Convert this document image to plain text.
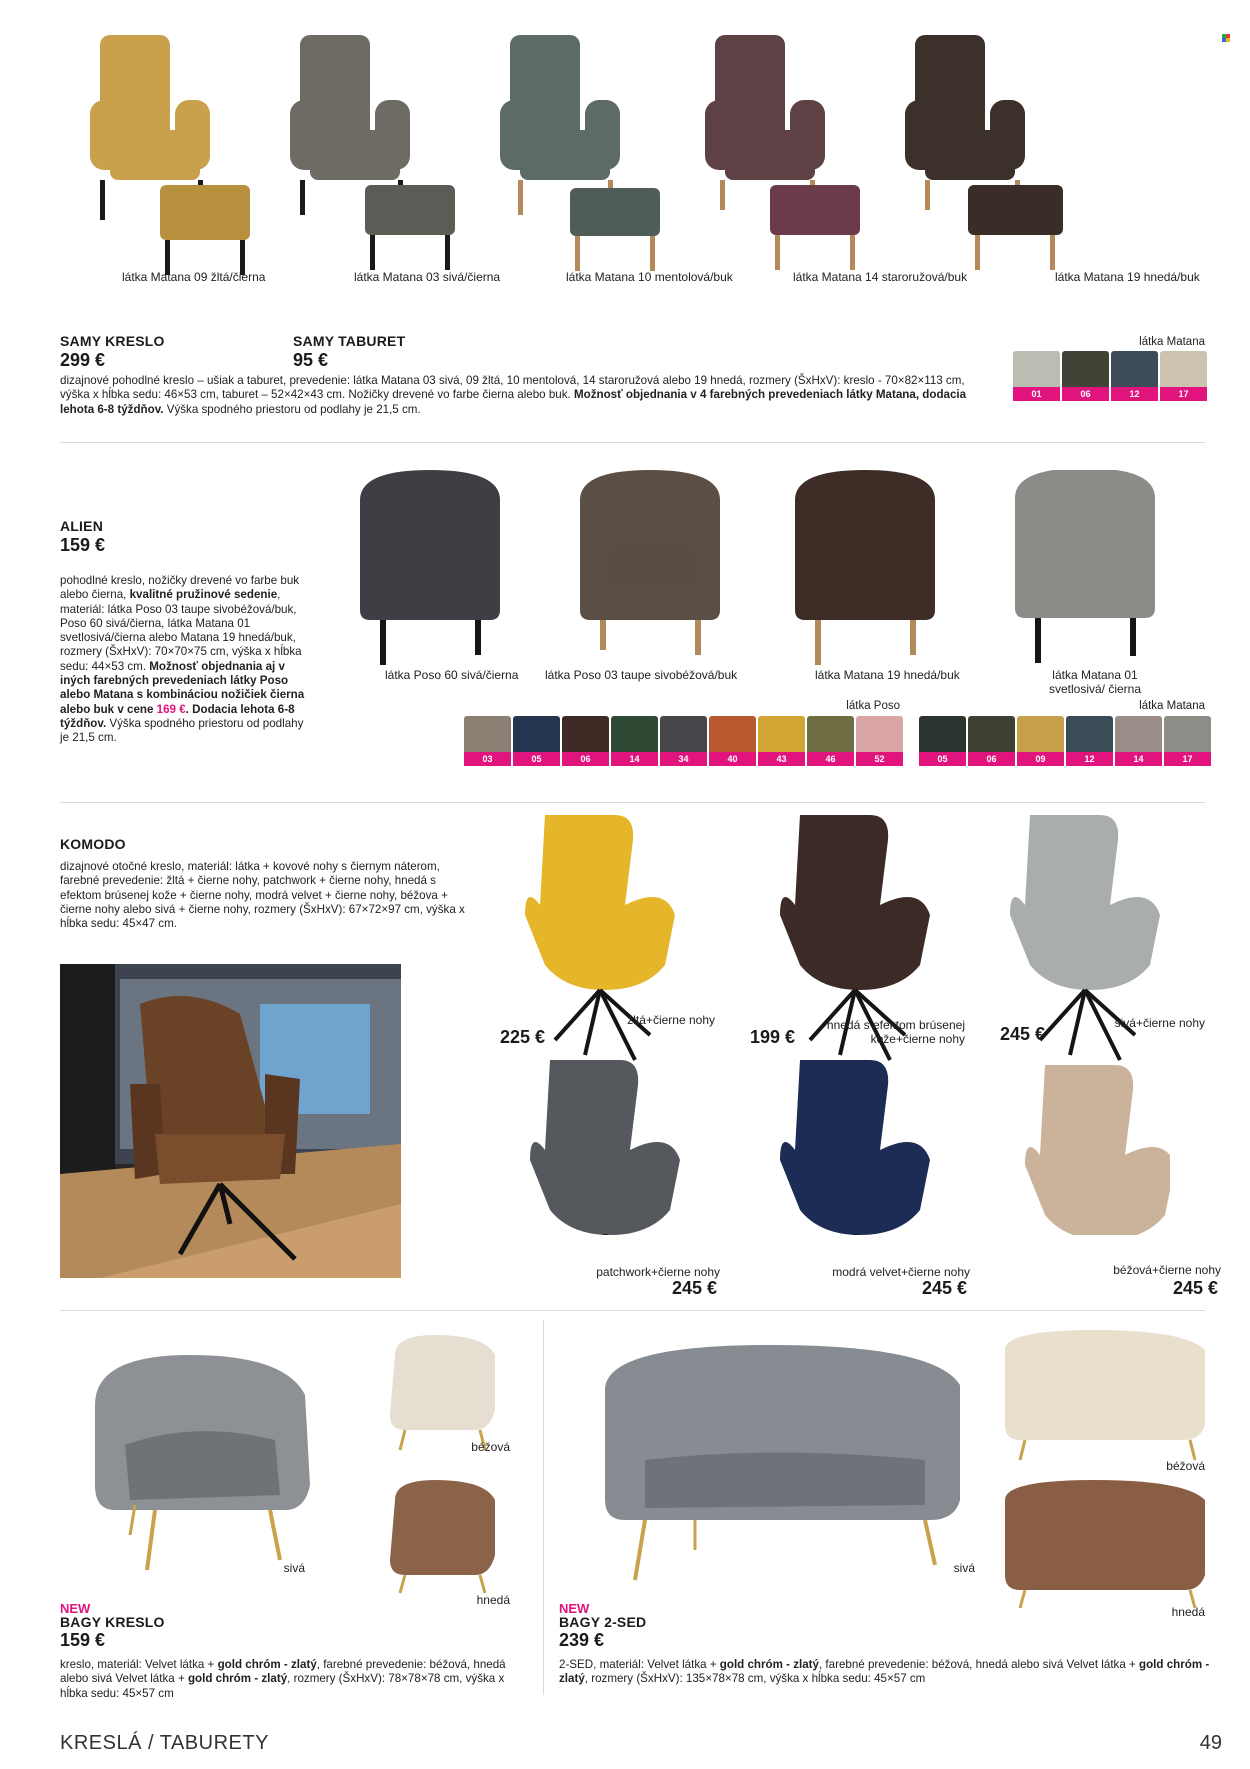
látka Matana 09 žltá/čierna	látka Matana 03 sivá/čierna	látka Matana 10 mentolová/buk	látka Matana 14 staroružová/buk	látka Matana 19 hnedá/buk
SAMY KRESLO
299 €
SAMY TABURET
95 €
dizajnové pohodlné kreslo – ušiak a taburet, prevedenie: látka Matana 03 sivá, 09 žltá, 10 mentolová, 14 staroružová alebo 19 hnedá, rozmery (ŠxHxV): kreslo - 70×82×113 cm, výška x hĺbka sedu: 46×53 cm, taburet – 52×42×43 cm. Nožičky drevené vo farbe čierna alebo buk. Možnosť objednania v 4 farebných prevedeniach látky Matana, dodacia lehota 6-8 týždňov. Výška spodného priestoru od podlahy je 21,5 cm.
látka Matana
01	06	12	17
ALIEN
159 €
pohodlné kreslo, nožičky drevené vo farbe buk alebo čierna, kvalitné pružinové sedenie, materiál: látka Poso 03 taupe sivobéžová/buk, Poso 60 sivá/čierna, látka Matana 01 svetlosivá/čierna alebo Matana 19 hnedá/buk, rozmery (ŠxHxV): 70×70×75 cm, výška x hĺbka sedu: 44×53 cm. Možnosť objednania aj v iných farebných prevedeniach látky Poso alebo Matana s kombináciou nožičiek čierna alebo buk v cene 169 €. Dodacia lehota 6-8 týždňov. Výška spodného priestoru od podlahy je 21,5 cm.
látka Poso 60 sivá/čierna látka Poso 03 taupe sivobéžová/buk	látka Matana 19 hnedá/buk	látka Matana 01 svetlosivá/ čierna
látka Poso
03	05	06	14	34	40	43	46	52
látka Matana
05	06	09	12	14	17
KOMODO
dizajnové otočné kreslo, materiál: látka + kovové nohy s čiernym náterom, farebné prevedenie: žltá + čierne nohy, patchwork + čierne nohy, hnedá s efektom brúsenej kože + čierne nohy, modrá velvet + čierne nohy, béžova + čierne nohy alebo sivá + čierne nohy, rozmery (ŠxHxV): 67×72×97 cm, výška x hĺbka sedu: 45×47 cm.
žltá+čierne nohy
225 €
hnedá s efektom brúsenej kože+čierne nohy
199 €
sivá+čierne nohy
245 €
patchwork+čierne nohy
245 €
modrá velvet+čierne nohy
245 €
béžová+čierne nohy
245 €
béžová
sivá
hnedá
NEW
BAGY KRESLO
159 €
kreslo, materiál: Velvet látka + gold chróm - zlatý, farebné prevedenie: béžová, hnedá alebo sivá Velvet látka + gold chróm - zlatý, rozmery (ŠxHxV): 78×78×78 cm, výška x hĺbka sedu: 45×57 cm
béžová
sivá
hnedá
NEW
BAGY 2-SED
239 €
2-SED, materiál: Velvet látka + gold chróm - zlatý, farebné prevedenie: béžová, hnedá alebo sivá Velvet látka + gold chróm - zlatý, rozmery (ŠxHxV): 135×78×78 cm, výška x hĺbka sedu: 45×57 cm
KRESLÁ / TABURETY	49
